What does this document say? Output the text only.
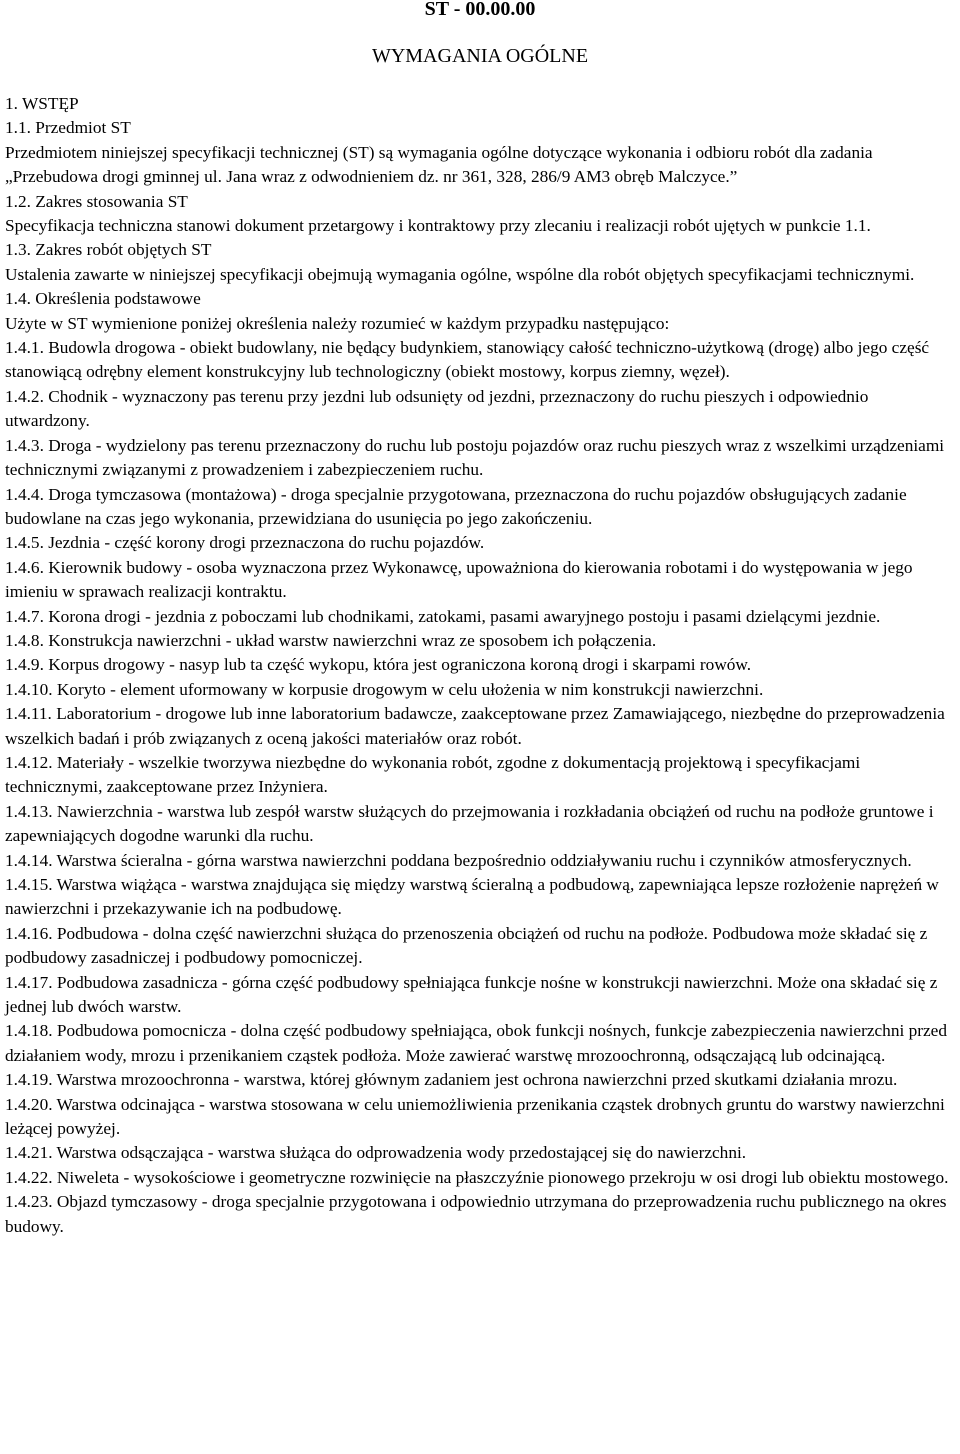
ST - 00.00.00
WYMAGANIA OGÓLNE

1. WSTĘP

1.1. Przedmiot ST

Przedmiotem niniejszej specyfikacji technicznej (ST) są wymagania ogólne dotyczące wykonania i odbioru robót dla zadania „Przebudowa drogi gminnej ul. Jana wraz z odwodnieniem dz. nr 361, 328, 286/9 AM3 obręb Malczyce.”

1.2. Zakres stosowania ST

Specyfikacja techniczna stanowi dokument przetargowy i kontraktowy przy zlecaniu i realizacji robót ujętych w punkcie 1.1.

1.3. Zakres robót objętych ST

Ustalenia zawarte w niniejszej specyfikacji obejmują wymagania ogólne, wspólne dla robót objętych specyfikacjami technicznymi.

1.4. Określenia podstawowe

Użyte w ST wymienione poniżej określenia należy rozumieć w każdym przypadku następująco:

1.4.1. Budowla drogowa - obiekt budowlany, nie będący budynkiem, stanowiący całość techniczno-użytkową (drogę) albo jego część stanowiącą odrębny element konstrukcyjny lub technologiczny (obiekt mostowy, korpus ziemny, węzeł).

1.4.2. Chodnik - wyznaczony pas terenu przy jezdni lub odsunięty od jezdni, przeznaczony do ruchu pieszych i odpowiednio utwardzony.

1.4.3. Droga - wydzielony pas terenu przeznaczony do ruchu lub postoju pojazdów oraz ruchu pieszych wraz z wszelkimi urządzeniami technicznymi związanymi z prowadzeniem i zabezpieczeniem ruchu.

1.4.4. Droga tymczasowa (montażowa) - droga specjalnie przygotowana, przeznaczona do ruchu pojazdów obsługujących zadanie budowlane na czas jego wykonania, przewidziana do usunięcia po jego zakończeniu.

1.4.5. Jezdnia - część korony drogi przeznaczona do ruchu pojazdów.

1.4.6. Kierownik budowy - osoba wyznaczona przez Wykonawcę, upoważniona do kierowania robotami i do występowania w jego imieniu w sprawach realizacji kontraktu.

1.4.7. Korona drogi - jezdnia z poboczami lub chodnikami, zatokami, pasami awaryjnego postoju i pasami dzielącymi jezdnie.

1.4.8. Konstrukcja nawierzchni - układ warstw nawierzchni wraz ze sposobem ich połączenia.

1.4.9. Korpus drogowy - nasyp lub ta część wykopu, która jest ograniczona koroną drogi i skarpami rowów.

1.4.10. Koryto - element uformowany w korpusie drogowym w celu ułożenia w nim konstrukcji nawierzchni.

1.4.11. Laboratorium - drogowe lub inne laboratorium badawcze, zaakceptowane przez Zamawiającego, niezbędne do przeprowadzenia wszelkich badań i prób związanych z oceną jakości materiałów oraz robót.

1.4.12. Materiały - wszelkie tworzywa niezbędne do wykonania robót, zgodne z dokumentacją projektową i specyfikacjami technicznymi, zaakceptowane przez Inżyniera.

1.4.13. Nawierzchnia - warstwa lub zespół warstw służących do przejmowania i rozkładania obciążeń od ruchu na podłoże gruntowe i zapewniających dogodne warunki dla ruchu.

1.4.14. Warstwa ścieralna - górna warstwa nawierzchni poddana bezpośrednio oddziaływaniu ruchu i czynników atmosferycznych.

1.4.15. Warstwa wiążąca - warstwa znajdująca się między warstwą ścieralną a podbudową, zapewniająca lepsze rozłożenie naprężeń w nawierzchni i przekazywanie ich na podbudowę.

1.4.16. Podbudowa - dolna część nawierzchni służąca do przenoszenia obciążeń od ruchu na podłoże. Podbudowa może składać się z podbudowy zasadniczej i podbudowy pomocniczej.

1.4.17. Podbudowa zasadnicza - górna część podbudowy spełniająca funkcje nośne w konstrukcji nawierzchni. Może ona składać się z jednej lub dwóch warstw.

1.4.18. Podbudowa pomocnicza - dolna część podbudowy spełniająca, obok funkcji nośnych, funkcje zabezpieczenia nawierzchni przed działaniem wody, mrozu i przenikaniem cząstek podłoża. Może zawierać warstwę mrozoochronną, odsączającą lub odcinającą.

1.4.19. Warstwa mrozoochronna - warstwa, której głównym zadaniem jest ochrona nawierzchni przed skutkami działania mrozu.

1.4.20. Warstwa odcinająca - warstwa stosowana w celu uniemożliwienia przenikania cząstek drobnych gruntu do warstwy nawierzchni leżącej powyżej.

1.4.21. Warstwa odsączająca - warstwa służąca do odprowadzenia wody przedostającej się do nawierzchni.

1.4.22. Niweleta - wysokościowe i geometryczne rozwinięcie na płaszczyźnie pionowego przekroju w osi drogi lub obiektu mostowego.

1.4.23. Objazd tymczasowy - droga specjalnie przygotowana i odpowiednio utrzymana do przeprowadzenia ruchu publicznego na okres budowy.
